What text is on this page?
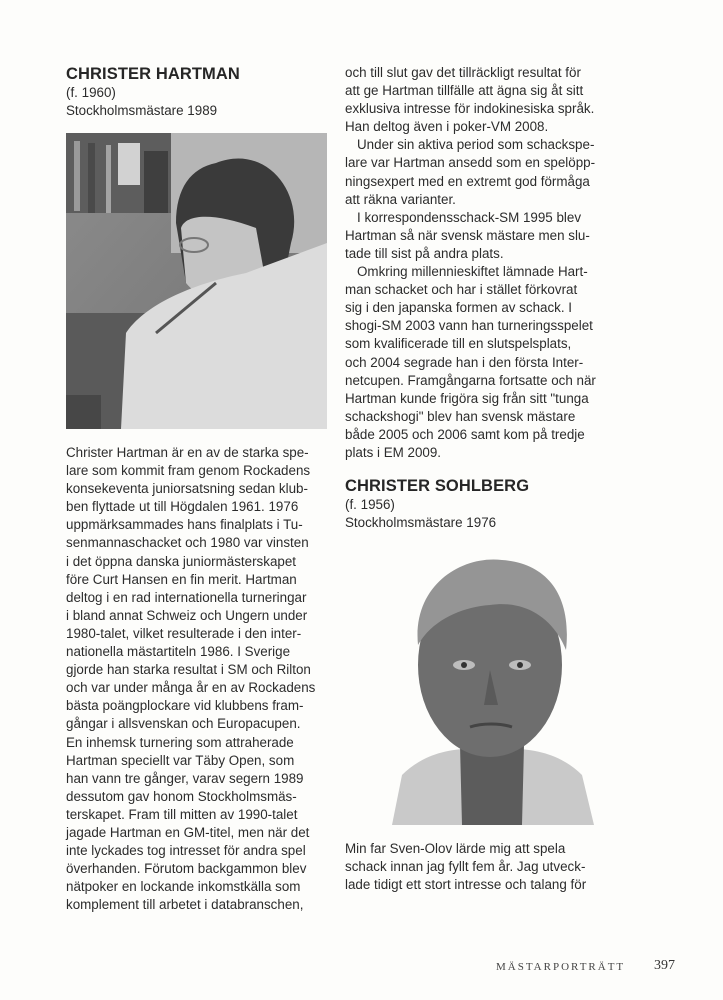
CHRISTER HARTMAN

(f. 1960)

Stockholmsmästare 1989

Christer Hartman är en av de starka spe-
lare som kommit fram genom Rockadens
konsekeventa juniorsatsning sedan klub-
ben flyttade ut till Högdalen 1961. 1976
uppmärksammades hans finalplats i Tu-
senmannaschacket och 1980 var vinsten
i det öppna danska juniormästerskapet
före Curt Hansen en fin merit. Hartman
deltog i en rad internationella turneringar
i bland annat Schweiz och Ungern under
1980-talet, vilket resulterade i den inter-
nationella mästartiteln 1986. I Sverige
gjorde han starka resultat i SM och Rilton
och var under många år en av Rockadens
bästa poängplockare vid klubbens fram-
gångar i allsvenskan och Europacupen.
En inhemsk turnering som attraherade
Hartman speciellt var Täby Open, som
han vann tre gånger, varav segern 1989
dessutom gav honom Stockholmsmäs-
terskapet. Fram till mitten av 1990-talet
jagade Hartman en GM-titel, men när det
inte lyckades tog intresset för andra spel
överhanden. Förutom backgammon blev
nätpoker en lockande inkomstkälla som
komplement till arbetet i databranschen,
och till slut gav det tillräckligt resultat för
att ge Hartman tillfälle att ägna sig åt sitt
exklusiva intresse för indokinesiska språk.
Han deltog även i poker-VM 2008.
Under sin aktiva period som schackspe-
lare var Hartman ansedd som en spelöpp-
ningsexpert med en extremt god förmåga
att räkna varianter.
I korrespondensschack-SM 1995 blev
Hartman så när svensk mästare men slu-
tade till sist på andra plats.
Omkring millennieskiftet lämnade Hart-
man schacket och har i stället förkovrat
sig i den japanska formen av schack. I
shogi-SM 2003 vann han turneringsspelet
som kvalificerade till en slutspelsplats,
och 2004 segrade han i den första Inter-
netcupen. Framgångarna fortsatte och när
Hartman kunde frigöra sig från sitt "tunga
schackshogi" blev han svensk mästare
både 2005 och 2006 samt kom på tredje
plats i EM 2009.
CHRISTER SOHLBERG

(f. 1956)

Stockholmsmästare 1976

Min far Sven-Olov lärde mig att spela
schack innan jag fyllt fem år. Jag utveck-
lade tidigt ett stort intresse och talang för
MÄSTARPORTRÄTT 397
